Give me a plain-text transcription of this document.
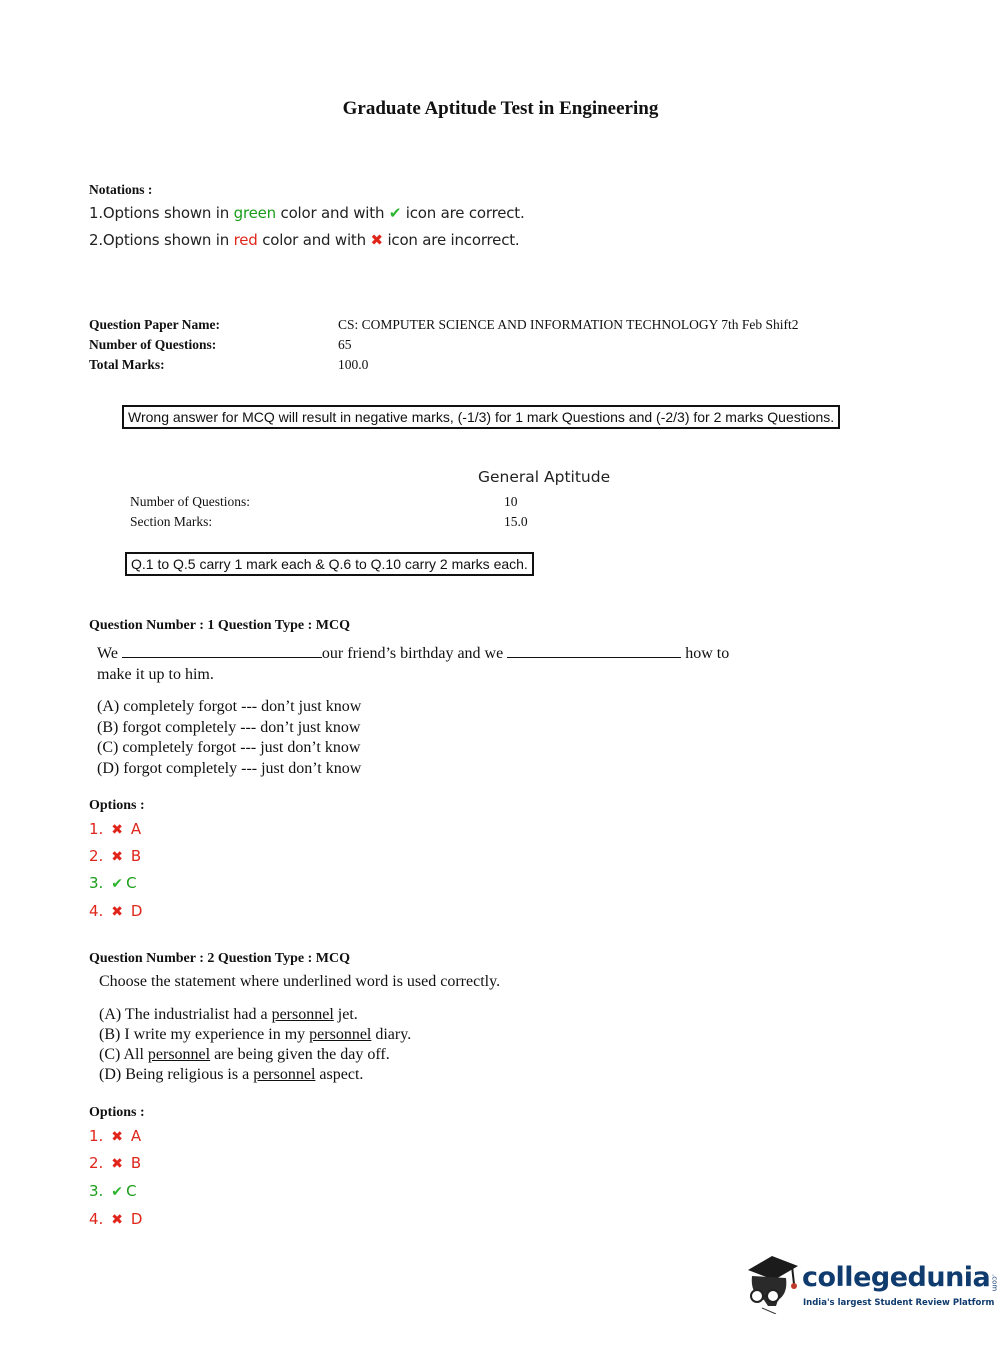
Graduate Aptitude Test in Engineering
Notations :
1.Options shown in green color and with ✔ icon are correct.
2.Options shown in red color and with ✖ icon are incorrect.
Question Paper Name:	CS: COMPUTER SCIENCE AND INFORMATION TECHNOLOGY 7th Feb Shift2
Number of Questions:	65
Total Marks:	100.0
Wrong answer for MCQ will result in negative marks, (-1/3) for 1 mark Questions and (-2/3) for 2 marks Questions.
General Aptitude
Number of Questions:	10
Section Marks:	15.0
Q.1 to Q.5 carry 1 mark each & Q.6 to Q.10 carry 2 marks each.
Question Number : 1 Question Type : MCQ
We	our friend’s birthday and we	how to
make it up to him.
(A) completely forgot --- don’t just know
(B) forgot completely --- don’t just know
(C) completely forgot --- just don’t know
(D) forgot completely --- just don’t know
Options :
1. ✖ A
2. ✖ B
3. ✔ C
4. ✖ D
Question Number : 2 Question Type : MCQ
Choose the statement where underlined word is used correctly.
(A) The industrialist had a personnel jet.
(B) I write my experience in my personnel diary.
(C) All personnel are being given the day off.
(D) Being religious is a personnel aspect.
Options :
1. ✖ A
2. ✖ B
3. ✔ C
4. ✖ D
collegedunia.com
India's largest Student Review Platform
